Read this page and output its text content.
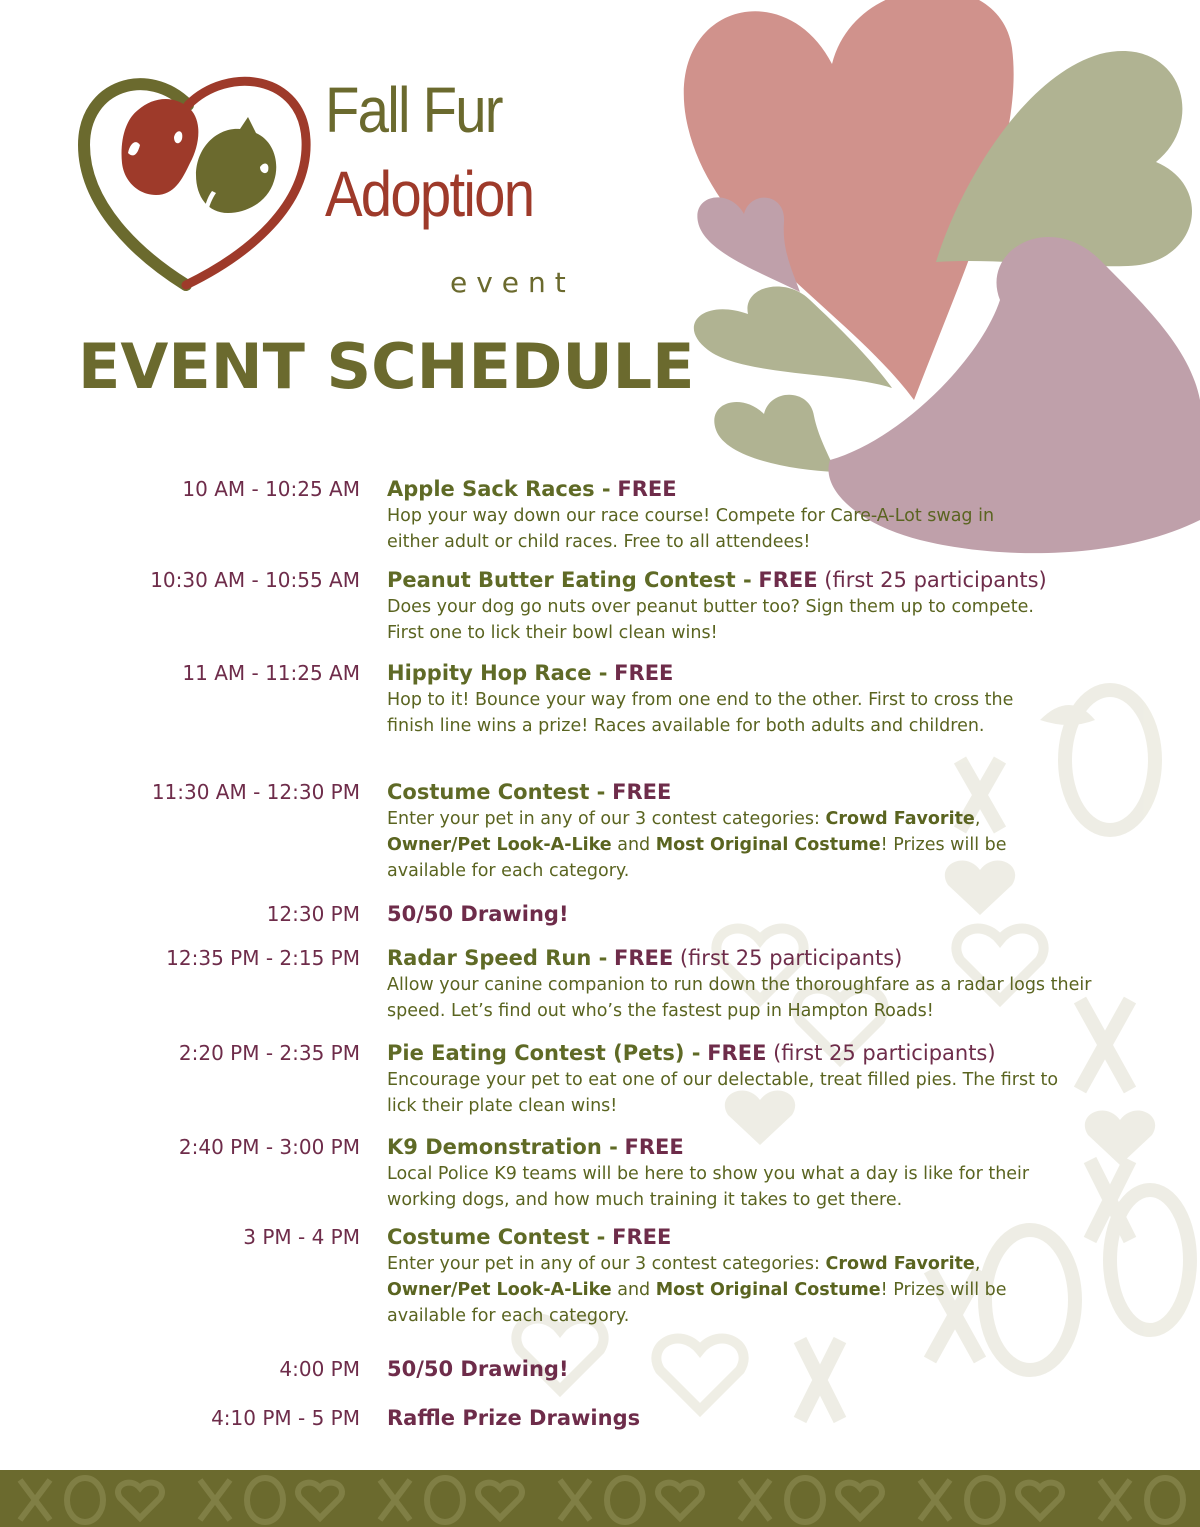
Fall Fur
Adoption
event
EVENT SCHEDULE
10 AM - 10:25 AM Apple Sack Races - FREE

Hop your way down our race course! Compete for Care-A-Lot swag in either adult or child races. Free to all attendees!

10:30 AM - 10:55 AM Peanut Butter Eating Contest - FREE (first 25 participants)

Does your dog go nuts over peanut butter too? Sign them up to compete. First one to lick their bowl clean wins!

11 AM - 11:25 AM Hippity Hop Race - FREE

Hop to it! Bounce your way from one end to the other. First to cross the finish line wins a prize! Races available for both adults and children.

11:30 AM - 12:30 PM Costume Contest - FREE

Enter your pet in any of our 3 contest categories: Crowd Favorite, Owner/Pet Look-A-Like and Most Original Costume! Prizes will be available for each category.

12:30 PM 50/50 Drawing!

12:35 PM - 2:15 PM Radar Speed Run - FREE (first 25 participants)

Allow your canine companion to run down the thoroughfare as a radar logs their speed. Let’s find out who’s the fastest pup in Hampton Roads!

2:20 PM - 2:35 PM Pie Eating Contest (Pets) - FREE (first 25 participants)

Encourage your pet to eat one of our delectable, treat filled pies. The first to lick their plate clean wins!

2:40 PM - 3:00 PM K9 Demonstration - FREE

Local Police K9 teams will be here to show you what a day is like for their working dogs, and how much training it takes to get there.

3 PM - 4 PM Costume Contest - FREE

Enter your pet in any of our 3 contest categories: Crowd Favorite, Owner/Pet Look-A-Like and Most Original Costume! Prizes will be available for each category.

4:00 PM 50/50 Drawing!

4:10 PM - 5 PM Raffle Prize Drawings
